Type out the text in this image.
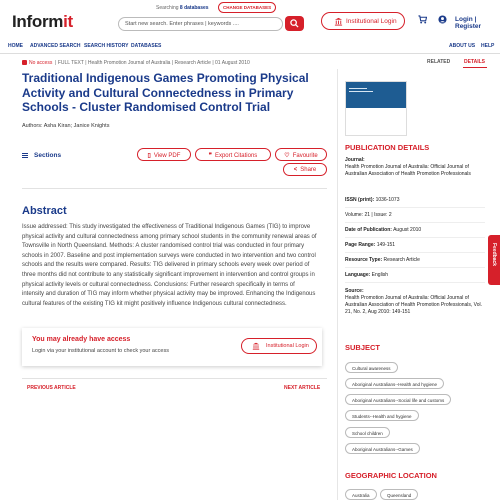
Informit
Searching 8 databases	CHANGE DATABASES
Start new search. Enter phrases | keywords ....	Institutional Login	Login | Register
HOME ADVANCED SEARCH SEARCH HISTORY DATABASES	ABOUT US HELP
No access | FULL TEXT | Health Promotion Journal of Australia | Research Article | 01 August 2010
Traditional Indigenous Games Promoting Physical Activity and Cultural Connectedness in Primary Schools - Cluster Randomised Control Trial
Authors: Asha Kiran; Janice Knights
Sections	▯ View PDF	❞ Export Citations	♡ Favourite
< Share
Abstract
Issue addressed: This study investigated the effectiveness of Traditional Indigenous Games (TIG) to improve physical activity and cultural connectedness among primary school students in the community renewal areas of Townsville in North Queensland. Methods: A cluster randomised control trial was conducted in four primary schools in 2007. Baseline and post implementation surveys were conducted in two intervention and two control schools and the results were compared. Results: TIG delivered in primary schools every week over period of three months did not contribute to any statistically significant improvement in intervention and control groups in physical activity levels or cultural connectedness. Conclusions: Further research specifically in terms of intensity and duration of TIG may inform whether physical activity may be improved. Enhancing the Indigenous cultural features of the existing TIG kit might positively influence Indigenous cultural connectedness.
You may already have access
Login via your institutional account to check your access
Institutional Login
PREVIOUS ARTICLE	NEXT ARTICLE
RELATED	DETAILS
PUBLICATION DETAILS
Journal:
Health Promotion Journal of Australia: Official Journal of Australian Association of Health Promotion Professionals
ISSN (print): 1036-1073
Volume: 21 | Issue: 2
Date of Publication: August 2010
Page Range: 149-151
Resource Type: Research Article
Language: English
Source:
Health Promotion Journal of Australia: Official Journal of Australian Association of Health Promotion Professionals, Vol. 21, No. 2, Aug 2010: 149-151
SUBJECT
Cultural awareness
Aboriginal Australians--Health and hygiene
Aboriginal Australians--Social life and customs
Students--Health and hygiene
School children
Aboriginal Australians--Games
GEOGRAPHIC LOCATION
Australia	Queensland
Feedback
